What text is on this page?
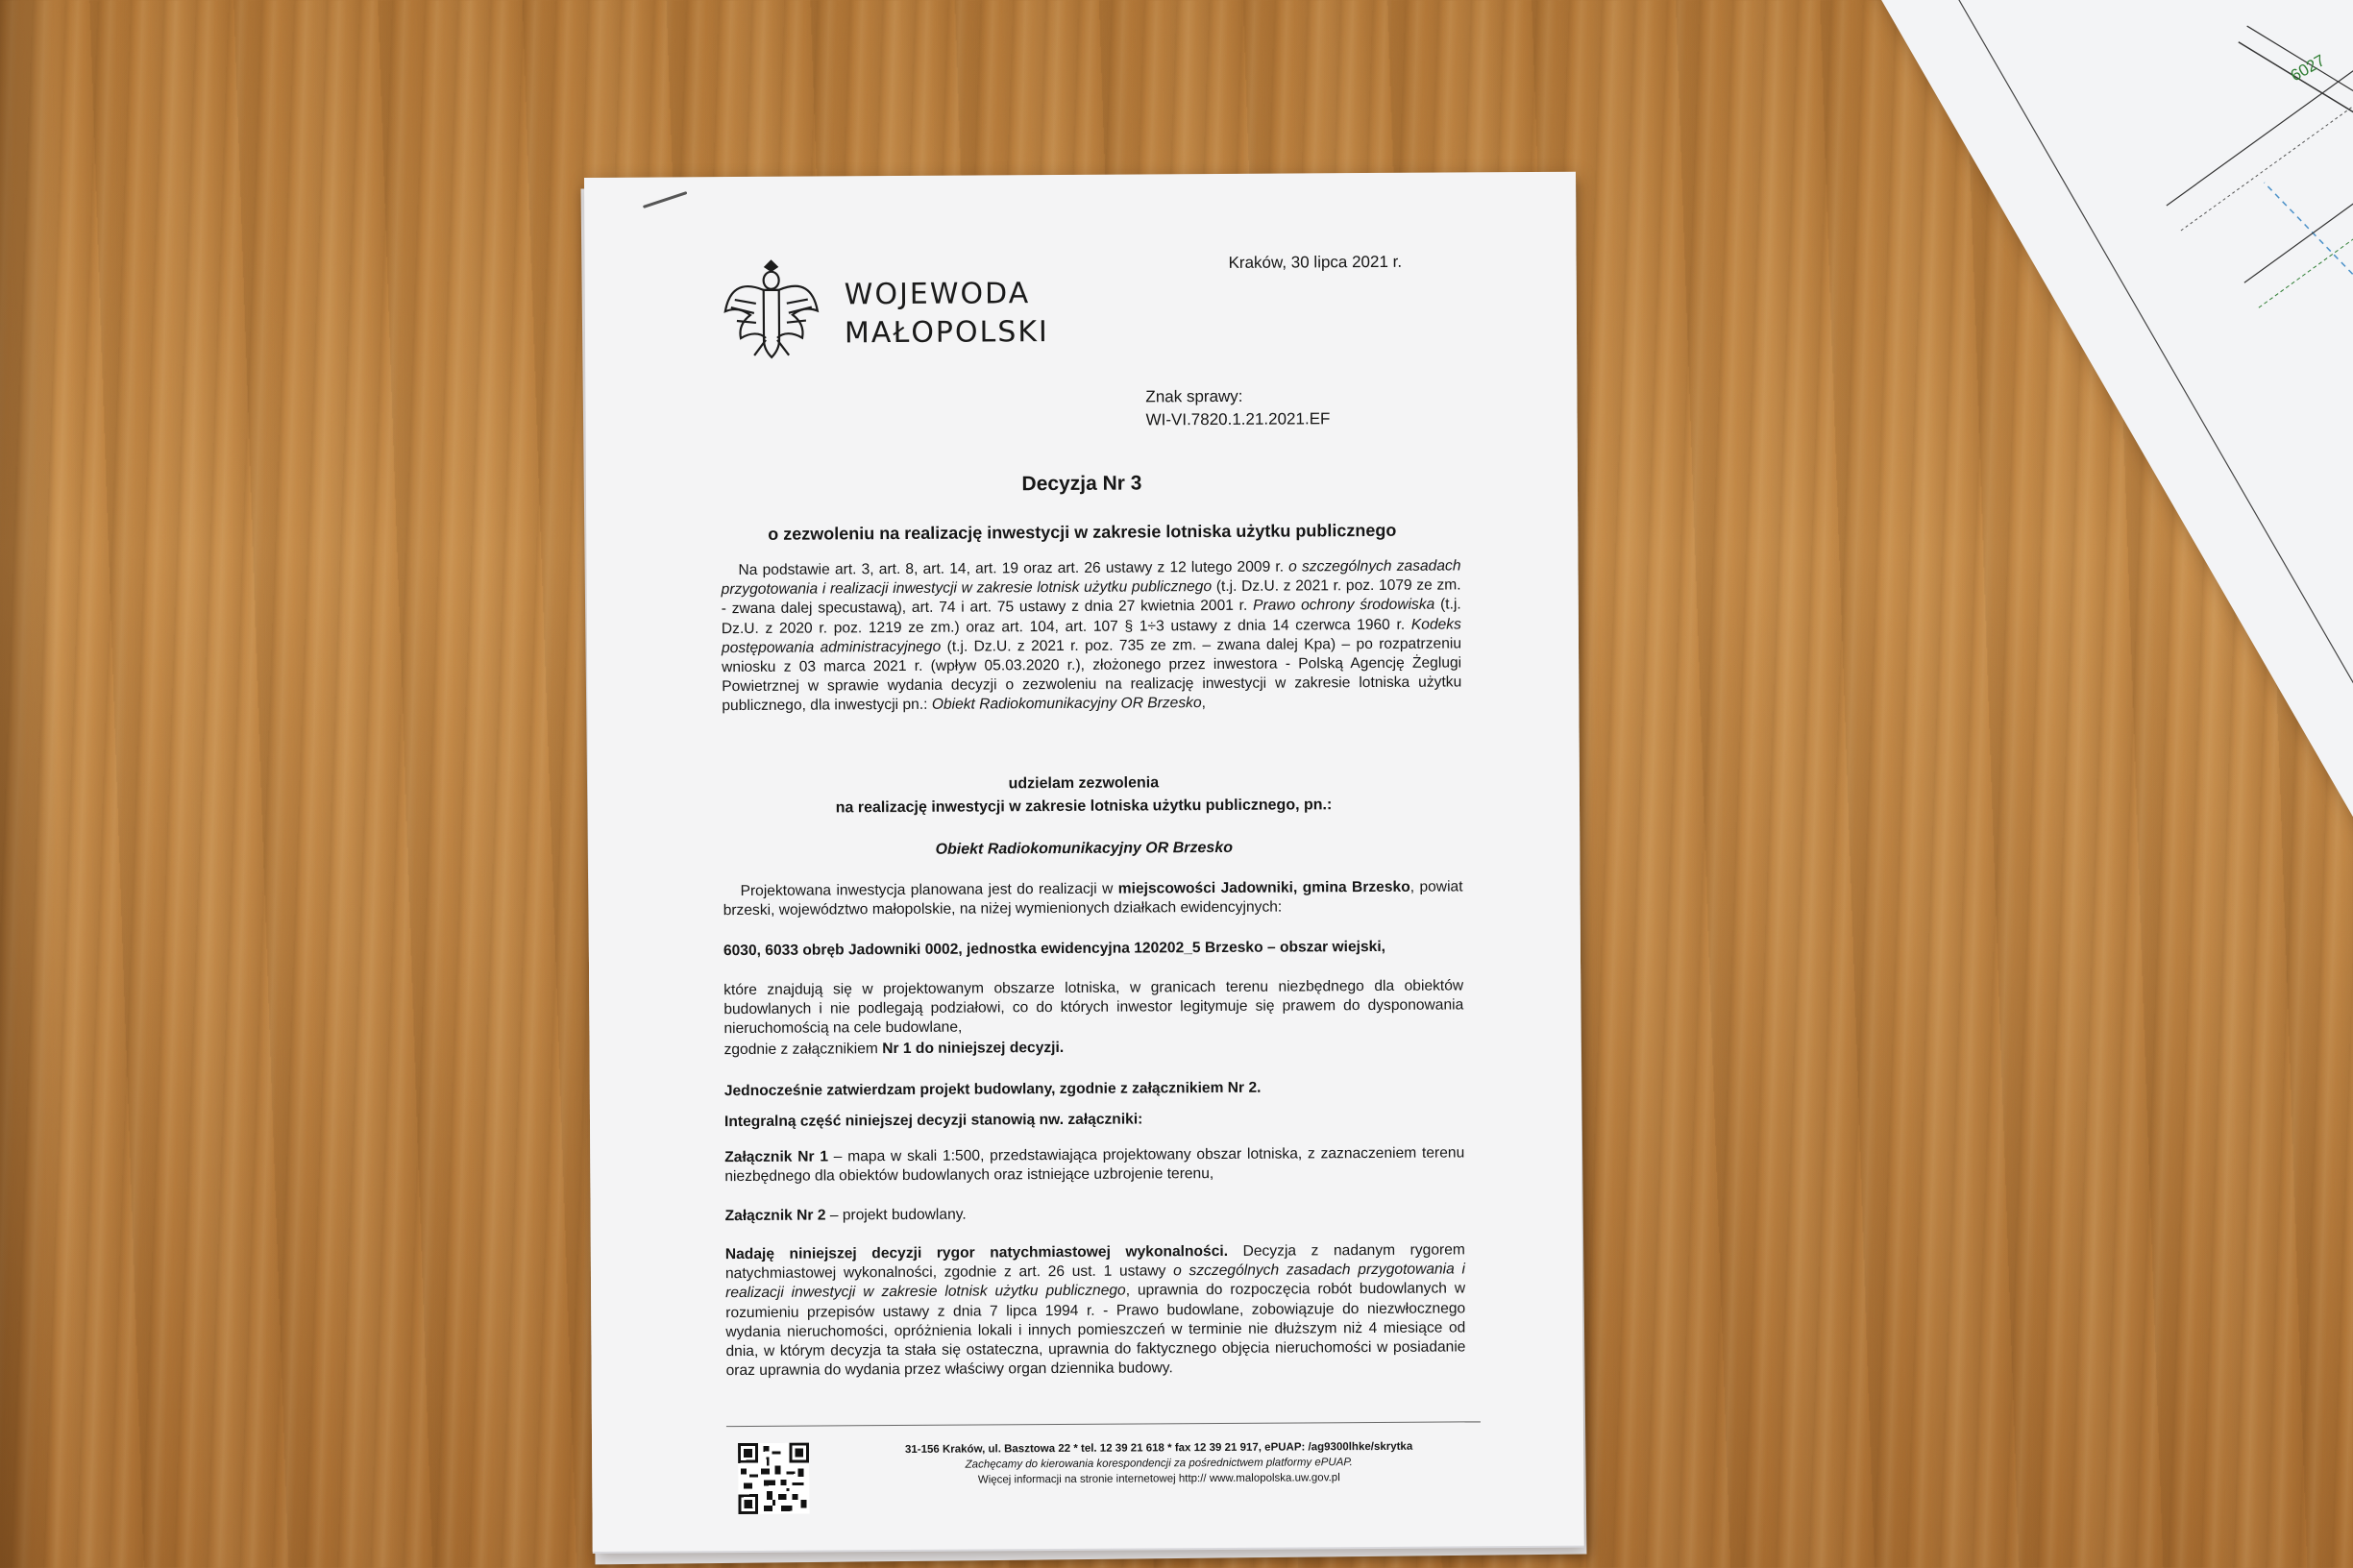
6027
WOJEWODA
MAŁOPOLSKI
Kraków, 30 lipca 2021 r.
Znak sprawy:
WI-VI.7820.1.21.2021.EF
Decyzja Nr 3
o zezwoleniu na realizację inwestycji w zakresie lotniska użytku publicznego
Na podstawie art. 3, art. 8, art. 14, art. 19 oraz art. 26 ustawy z 12 lutego 2009 r. o szczególnych zasadach przygotowania i realizacji inwestycji w zakresie lotnisk użytku publicznego (t.j. Dz.U. z 2021 r. poz. 1079 ze zm. - zwana dalej specustawą), art. 74 i art. 75 ustawy z dnia 27 kwietnia 2001 r. Prawo ochrony środowiska (t.j. Dz.U. z 2020 r. poz. 1219 ze zm.) oraz art. 104, art. 107 § 1÷3 ustawy z dnia 14 czerwca 1960 r. Kodeks postępowania administracyjnego (t.j. Dz.U. z 2021 r. poz. 735 ze zm. – zwana dalej Kpa) – po rozpatrzeniu wniosku z 03 marca 2021 r. (wpływ 05.03.2020 r.), złożonego przez inwestora - Polską Agencję Żeglugi Powietrznej w sprawie wydania decyzji o zezwoleniu na realizację inwestycji w zakresie lotniska użytku publicznego, dla inwestycji pn.: Obiekt Radiokomunikacyjny OR Brzesko,
udzielam zezwolenia
na realizację inwestycji w zakresie lotniska użytku publicznego, pn.:
Obiekt Radiokomunikacyjny OR Brzesko
Projektowana inwestycja planowana jest do realizacji w miejscowości Jadowniki, gmina Brzesko, powiat brzeski, województwo małopolskie, na niżej wymienionych działkach ewidencyjnych:
6030, 6033 obręb Jadowniki 0002, jednostka ewidencyjna 120202_5 Brzesko – obszar wiejski,
które znajdują się w projektowanym obszarze lotniska, w granicach terenu niezbędnego dla obiektów budowlanych i nie podlegają podziałowi, co do których inwestor legitymuje się prawem do dysponowania nieruchomością na cele budowlane,
zgodnie z załącznikiem Nr 1 do niniejszej decyzji.
Jednocześnie zatwierdzam projekt budowlany, zgodnie z załącznikiem Nr 2.
Integralną część niniejszej decyzji stanowią nw. załączniki:
Załącznik Nr 1 – mapa w skali 1:500, przedstawiająca projektowany obszar lotniska, z zaznaczeniem terenu niezbędnego dla obiektów budowlanych oraz istniejące uzbrojenie terenu,
Załącznik Nr 2 – projekt budowlany.
Nadaję niniejszej decyzji rygor natychmiastowej wykonalności. Decyzja z nadanym rygorem natychmiastowej wykonalności, zgodnie z art. 26 ust. 1 ustawy o szczególnych zasadach przygotowania i realizacji inwestycji w zakresie lotnisk użytku publicznego, uprawnia do rozpoczęcia robót budowlanych w rozumieniu przepisów ustawy z dnia 7 lipca 1994 r. - Prawo budowlane, zobowiązuje do niezwłocznego wydania nieruchomości, opróżnienia lokali i innych pomieszczeń w terminie nie dłuższym niż 4 miesiące od dnia, w którym decyzja ta stała się ostateczna, uprawnia do faktycznego objęcia nieruchomości w posiadanie oraz uprawnia do wydania przez właściwy organ dziennika budowy.
31-156 Kraków, ul. Basztowa 22 * tel. 12 39 21 618 * fax 12 39 21 917, ePUAP: /ag9300lhke/skrytka
Zachęcamy do kierowania korespondencji za pośrednictwem platformy ePUAP.
Więcej informacji na stronie internetowej http:// www.malopolska.uw.gov.pl
